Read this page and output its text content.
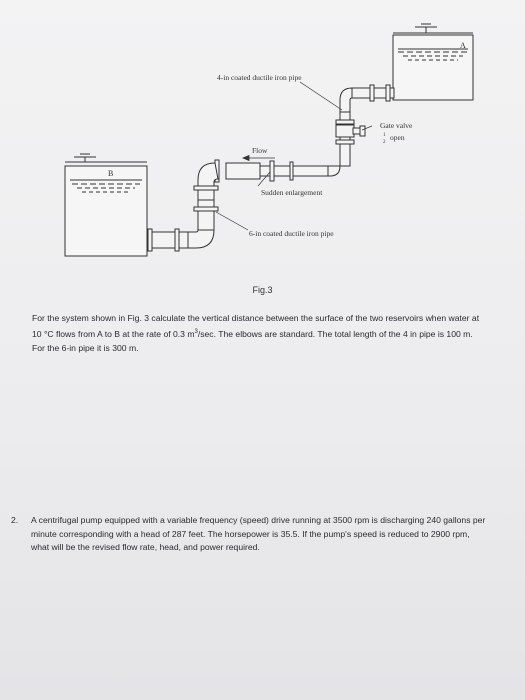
A
B
4-in coated ductile iron pipe
Gate valve
1
2
open
Flow
Sudden enlargement
6-in coated ductile iron pipe
Fig.3
For the system shown in Fig. 3 calculate the vertical distance between the surface of the two reservoirs when water at 10 °C flows from A to B at the rate of 0.3 $m^3/\sec$. The elbows are standard. The total length of the 4 in pipe is 100 m. For the 6-in pipe it is 300 m.
2.	A centrifugal pump equipped with a variable frequency (speed) drive running at 3500 rpm is discharging 240 gallons per minute corresponding with a head of 287 feet. The horsepower is 35.5. If the pump's speed is reduced to 2900 rpm, what will be the revised flow rate, head, and power required.
